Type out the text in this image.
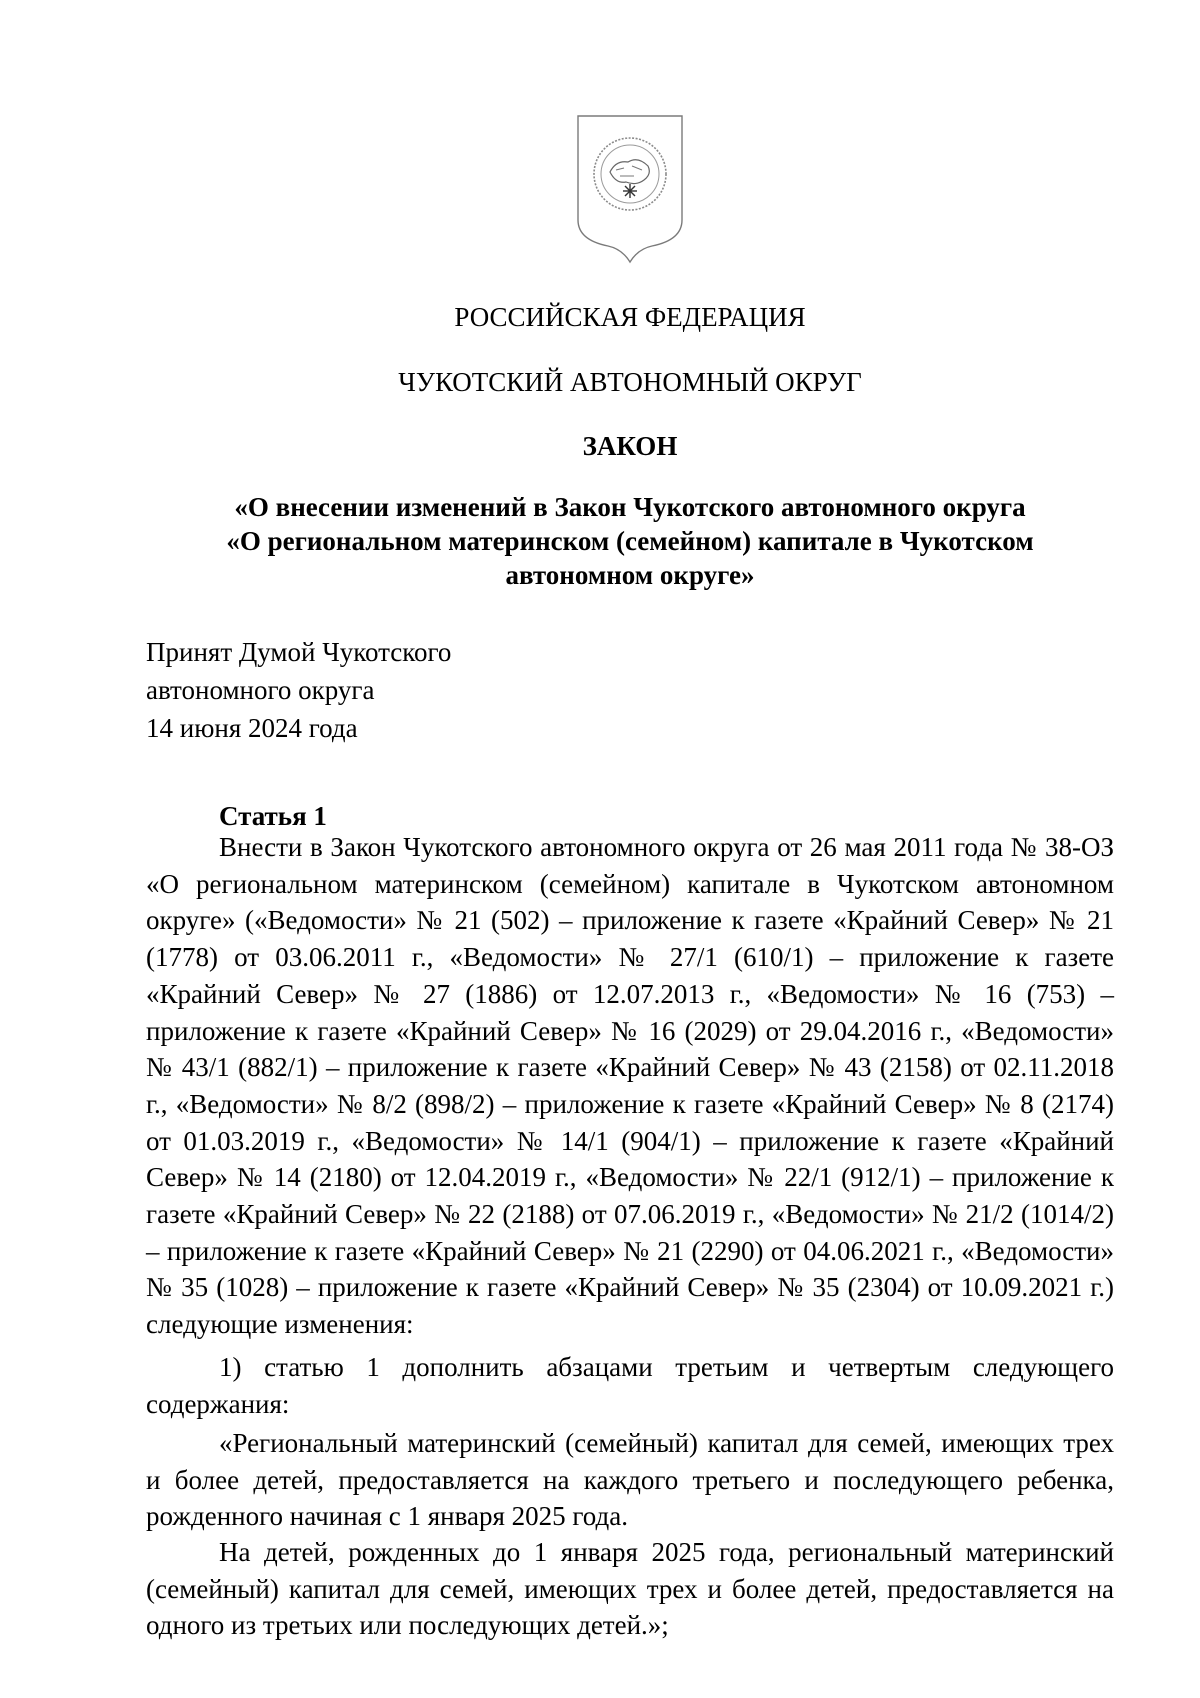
РОССИЙСКАЯ ФЕДЕРАЦИЯ
ЧУКОТСКИЙ АВТОНОМНЫЙ ОКРУГ
ЗАКОН
«О внесении изменений в Закон Чукотского автономного округа
«О региональном материнском (семейном) капитале в Чукотском
автономном округе»
Принят Думой Чукотского
автономного округа
14 июня 2024 года
Статья 1
Внести в Закон Чукотского автономного округа от 26 мая 2011 года № 38-ОЗ «О региональном материнском (семейном) капитале в Чукотском автономном округе» («Ведомости» № 21 (502) – приложение к газете «Крайний Север» № 21 (1778) от 03.06.2011 г., «Ведомости» № 27/1 (610/1) – приложение к газете «Крайний Север» № 27 (1886) от 12.07.2013 г., «Ведомости» № 16 (753) – приложение к газете «Крайний Север» № 16 (2029) от 29.04.2016 г., «Ведомости» № 43/1 (882/1) – приложение к газете «Крайний Север» № 43 (2158) от 02.11.2018 г., «Ведомости» № 8/2 (898/2) – приложение к газете «Крайний Север» № 8 (2174) от 01.03.2019 г., «Ведомости» № 14/1 (904/1) – приложение к газете «Крайний Север» № 14 (2180) от 12.04.2019 г., «Ведомости» № 22/1 (912/1) – приложение к газете «Крайний Север» № 22 (2188) от 07.06.2019 г., «Ведомости» № 21/2 (1014/2) – приложение к газете «Крайний Север» № 21 (2290) от 04.06.2021 г., «Ведомости» № 35 (1028) – приложение к газете «Крайний Север» № 35 (2304) от 10.09.2021 г.) следующие изменения:
1) статью 1 дополнить абзацами третьим и четвертым следующего содержания:
«Региональный материнский (семейный) капитал для семей, имеющих трех и более детей, предоставляется на каждого третьего и последующего ребенка, рожденного начиная с 1 января 2025 года.
На детей, рожденных до 1 января 2025 года, региональный материнский (семейный) капитал для семей, имеющих трех и более детей, предоставляется на одного из третьих или последующих детей.»;
